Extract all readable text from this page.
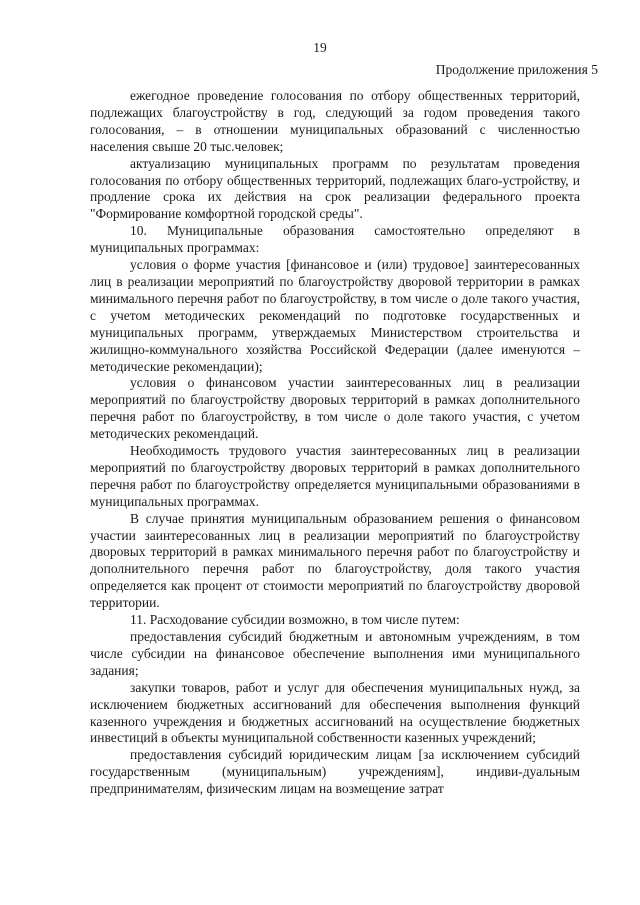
19
Продолжение приложения 5

ежегодное проведение голосования по отбору общественных территорий, подлежащих благоустройству в год, следующий за годом проведения такого голосования, – в отношении муниципальных образований с численностью населения свыше 20 тыс.человек;

актуализацию муниципальных программ по результатам проведения голосования по отбору общественных территорий, подлежащих благо-устройству, и продление срока их действия на срок реализации федерального проекта "Формирование комфортной городской среды".

10. Муниципальные образования самостоятельно определяют в муниципальных программах:

условия о форме участия [финансовое и (или) трудовое] заинтересованных лиц в реализации мероприятий по благоустройству дворовой территории в рамках минимального перечня работ по благоустройству, в том числе о доле такого участия, с учетом методических рекомендаций по подготовке государственных и муниципальных программ, утверждаемых Министерством строительства и жилищно-коммунального хозяйства Российской Федерации (далее именуются – методические рекомендации);

условия о финансовом участии заинтересованных лиц в реализации мероприятий по благоустройству дворовых территорий в рамках дополнительного перечня работ по благоустройству, в том числе о доле такого участия, с учетом методических рекомендаций.

Необходимость трудового участия заинтересованных лиц в реализации мероприятий по благоустройству дворовых территорий в рамках дополнительного перечня работ по благоустройству определяется муниципальными образованиями в муниципальных программах.

В случае принятия муниципальным образованием решения о финансовом участии заинтересованных лиц в реализации мероприятий по благоустройству дворовых территорий в рамках минимального перечня работ по благоустройству и дополнительного перечня работ по благоустройству, доля такого участия определяется как процент от стоимости мероприятий по благоустройству дворовой территории.

11. Расходование субсидии возможно, в том числе путем:

предоставления субсидий бюджетным и автономным учреждениям, в том числе субсидии на финансовое обеспечение выполнения ими муниципального задания;

закупки товаров, работ и услуг для обеспечения муниципальных нужд, за исключением бюджетных ассигнований для обеспечения выполнения функций казенного учреждения и бюджетных ассигнований на осуществление бюджетных инвестиций в объекты муниципальной собственности казенных учреждений;

предоставления субсидий юридическим лицам [за исключением субсидий государственным (муниципальным) учреждениям], индиви-дуальным предпринимателям, физическим лицам на возмещение затрат
